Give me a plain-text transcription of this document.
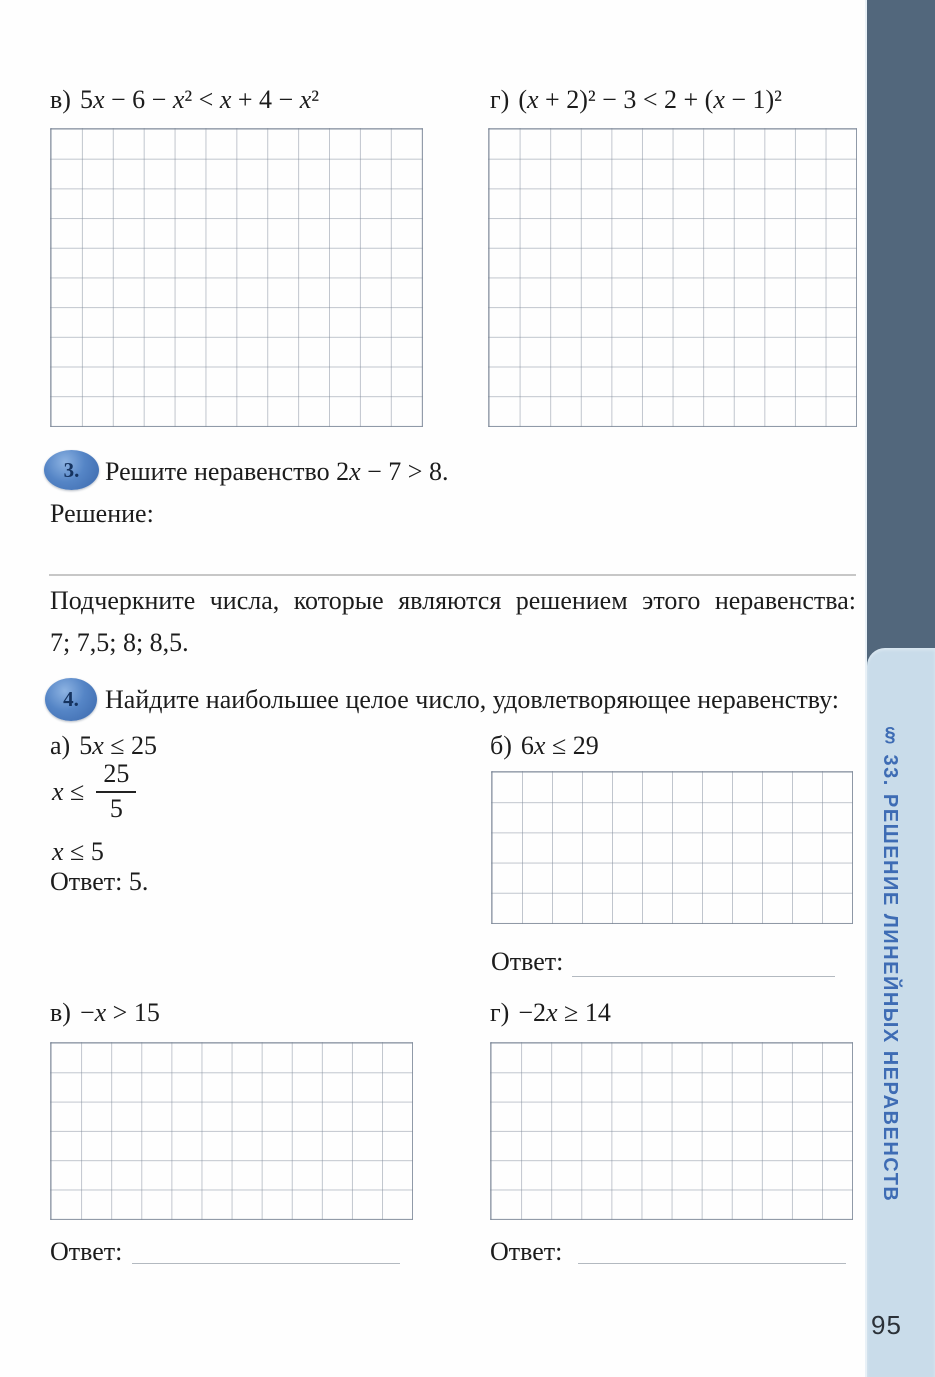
в) 5x − 6 − x² < x + 4 − x²	г) (x + 2)² − 3 < 2 + (x − 1)²
3. Решите неравенство 2x − 7 > 8.
Решение:
Подчеркните числа, которые являются решением этого неравенства:
7; 7,5; 8; 8,5.
4. Найдите наибольшее целое число, удовлетворяющее неравенству:
а) 5x ≤ 25
$x \le \frac{25}{5}$
x ≤ 5
Ответ: 5.
б) 6x ≤ 29
Ответ:
в) −x > 15	г) −2x ≥ 14
Ответ:	Ответ:
§ 33. РЕШЕНИЕ ЛИНЕЙНЫХ НЕРАВЕНСТВ
95
